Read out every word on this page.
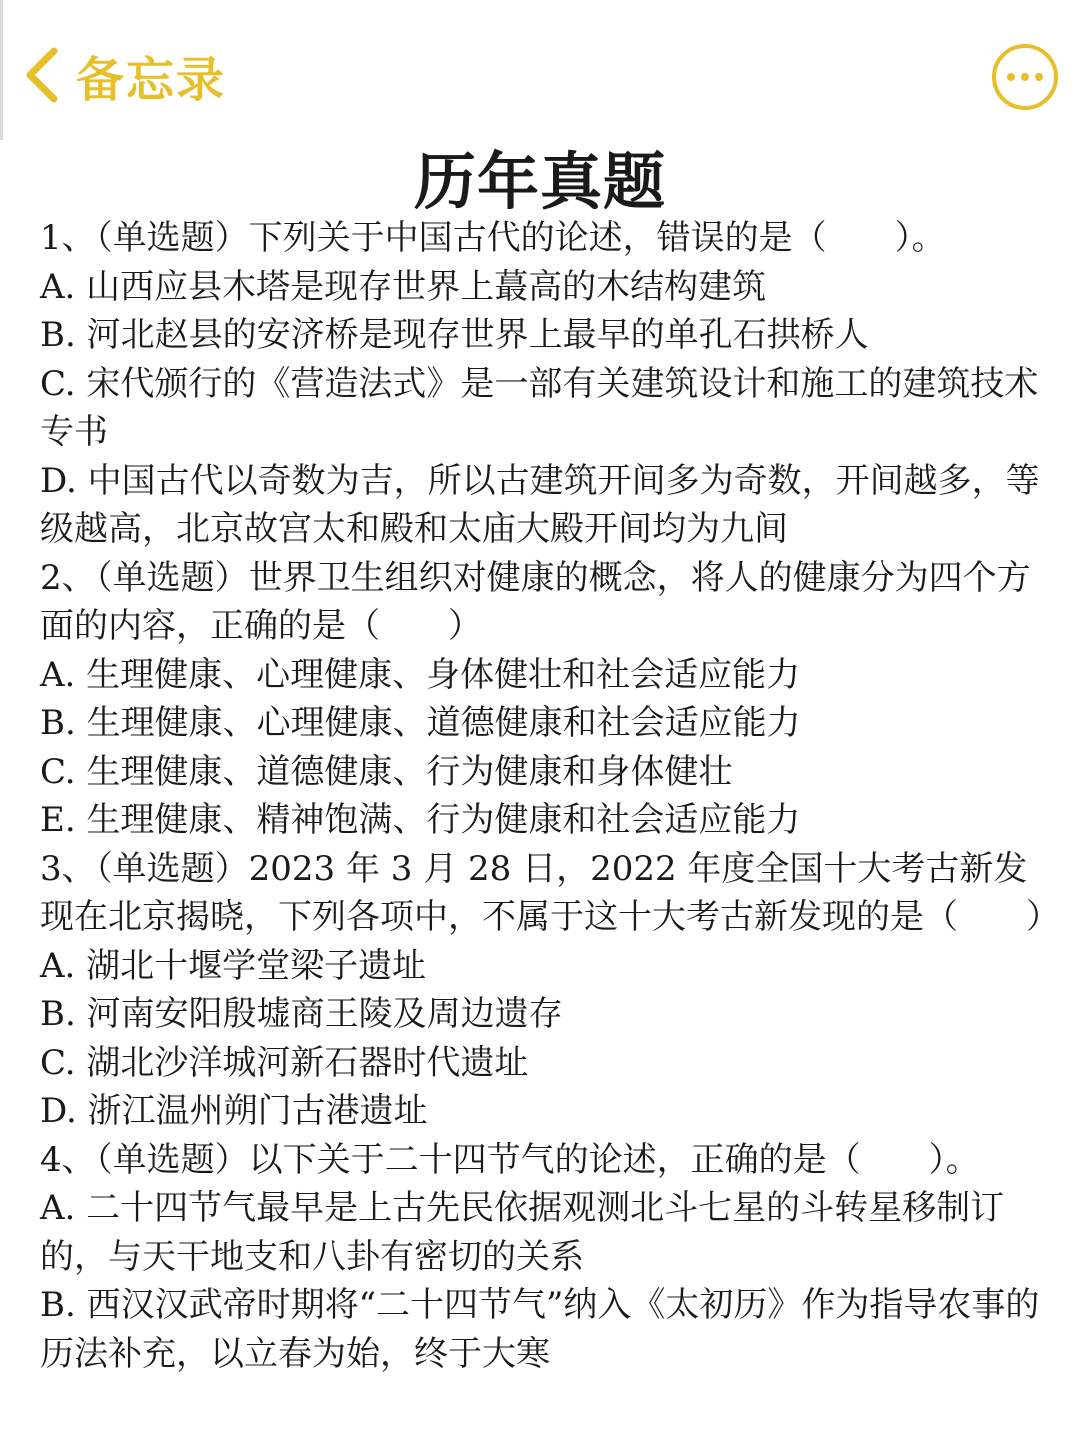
备忘录
历年真题

1、（单选题）下列关于中国古代的论述，错误的是（　　）。

A. 山西应县木塔是现存世界上蕞高的木结构建筑

B. 河北赵县的安济桥是现存世界上最早的单孔石拱桥人

C. 宋代颁行的《营造法式》是一部有关建筑设计和施工的建筑技术专书

D. 中国古代以奇数为吉，所以古建筑开间多为奇数，开间越多，等级越高，北京故宫太和殿和太庙大殿开间均为九间

2、（单选题）世界卫生组织对健康的概念，将人的健康分为四个方面的内容，正确的是（　　）

A. 生理健康、心理健康、身体健壮和社会适应能力

B. 生理健康、心理健康、道德健康和社会适应能力

C. 生理健康、道德健康、行为健康和身体健壮

E. 生理健康、精神饱满、行为健康和社会适应能力

3、（单选题）2023 年 3 月 28 日，2022 年度全国十大考古新发现在北京揭晓，下列各项中，不属于这十大考古新发现的是（　　）

A. 湖北十堰学堂梁子遗址

B. 河南安阳殷墟商王陵及周边遗存

C. 湖北沙洋城河新石器时代遗址

D. 浙江温州朔门古港遗址

4、（单选题）以下关于二十四节气的论述，正确的是（　　）。

A. 二十四节气最早是上古先民依据观测北斗七星的斗转星移制订的，与天干地支和八卦有密切的关系

B. 西汉汉武帝时期将“二十四节气”纳入《太初历》作为指导农事的历法补充，以立春为始，终于大寒
